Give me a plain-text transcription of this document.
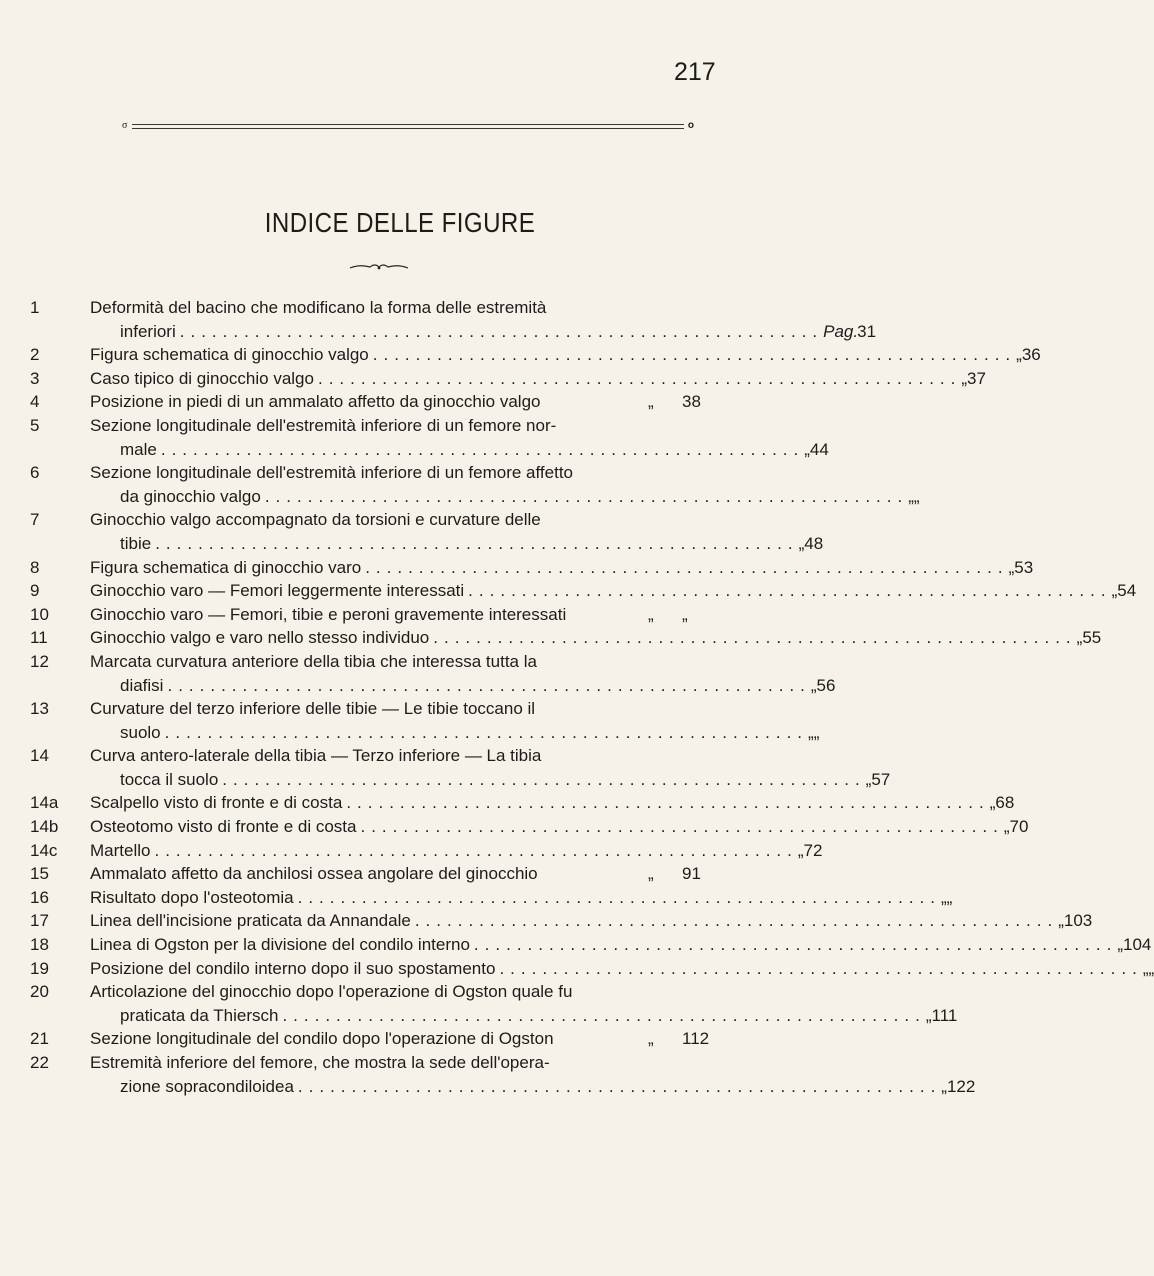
217
σ	𝛐
INDICE DELLE FIGURE
1	Deformità del bacino che modificano la forma delle estremità
inferiori ............................................................ Pag. 31
2	Figura schematica di ginocchio valgo ............................................................ „ 36
3	Caso tipico di ginocchio valgo ............................................................ „ 37
4	Posizione in piedi di un ammalato affetto da ginocchio valgo	„	38
5	Sezione longitudinale dell'estremità inferiore di un femore nor-
male ............................................................ „ 44
6	Sezione longitudinale dell'estremità inferiore di un femore affetto
da ginocchio valgo ............................................................ „ „
7	Ginocchio valgo accompagnato da torsioni e curvature delle
tibie ............................................................ „ 48
8	Figura schematica di ginocchio varo ............................................................ „ 53
9	Ginocchio varo — Femori leggermente interessati ............................................................ „ 54
10	Ginocchio varo — Femori, tibie e peroni gravemente interessati	„	„
11	Ginocchio valgo e varo nello stesso individuo ............................................................ „ 55
12	Marcata curvatura anteriore della tibia che interessa tutta la
diafisi ............................................................ „ 56
13	Curvature del terzo inferiore delle tibie — Le tibie toccano il
suolo ............................................................ „ „
14	Curva antero-laterale della tibia — Terzo inferiore — La tibia
tocca il suolo ............................................................ „ 57
14a	Scalpello visto di fronte e di costa ............................................................ „ 68
14b	Osteotomo visto di fronte e di costa ............................................................ „ 70
14c	Martello ............................................................ „ 72
15	Ammalato affetto da anchilosi ossea angolare del ginocchio	„	91
16	Risultato dopo l'osteotomia ............................................................ „ „
17	Linea dell'incisione praticata da Annandale ............................................................ „ 103
18	Linea di Ogston per la divisione del condilo interno ............................................................ „ 104
19	Posizione del condilo interno dopo il suo spostamento ............................................................ „ „
20	Articolazione del ginocchio dopo l'operazione di Ogston quale fu
praticata da Thiersch ............................................................ „ 111
21	Sezione longitudinale del condilo dopo l'operazione di Ogston	„	112
22	Estremità inferiore del femore, che mostra la sede dell'opera-
zione sopracondiloidea ............................................................ „ 122
